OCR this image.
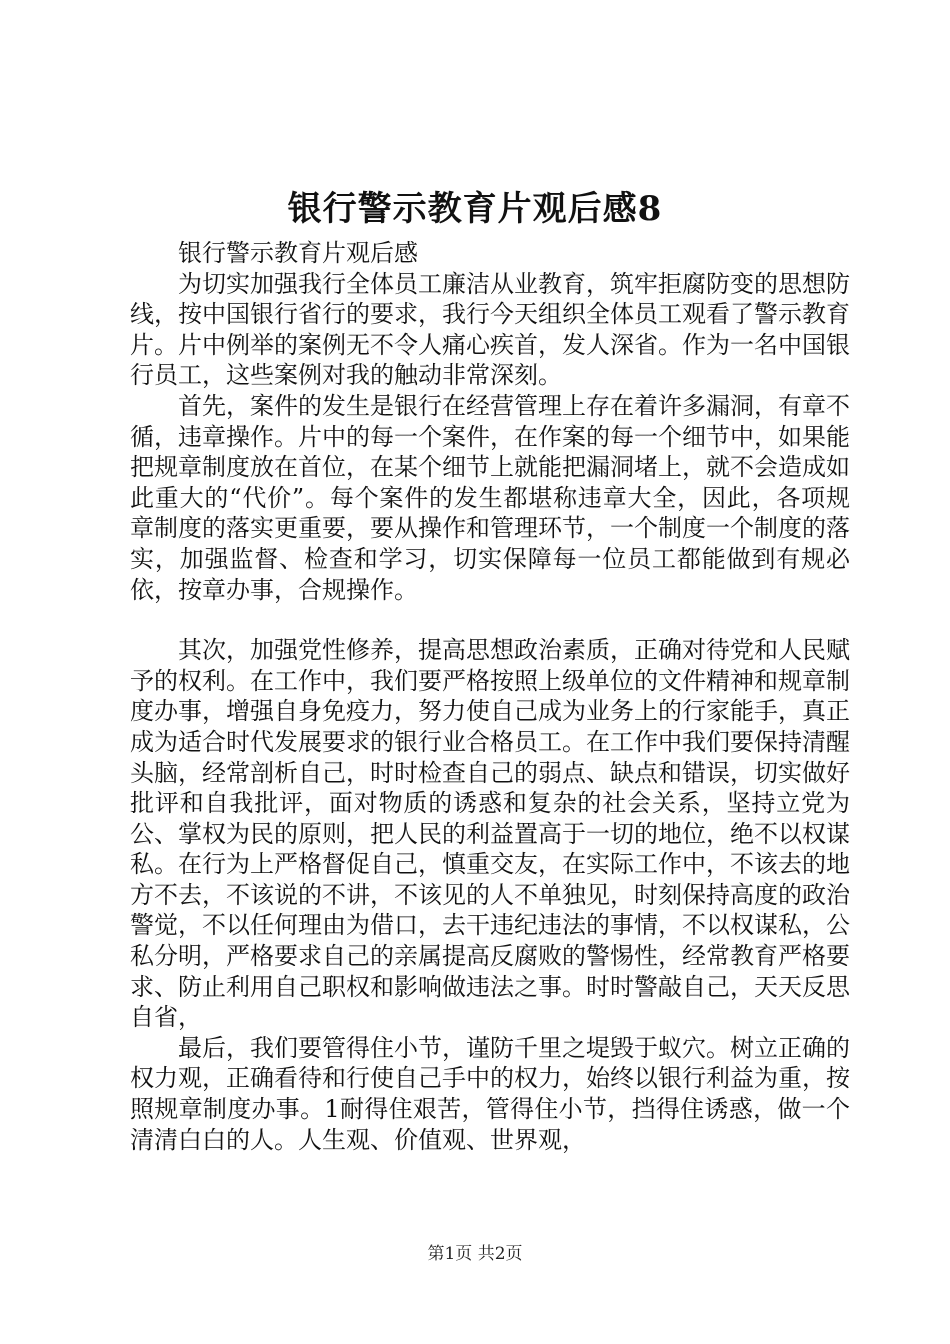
银行警示教育片观后感8

银行警示教育片观后感

为切实加强我行全体员工廉洁从业教育，筑牢拒腐防变的思想防线，按中国银行省行的要求，我行今天组织全体员工观看了警示教育片。片中例举的案例无不令人痛心疾首，发人深省。作为一名中国银行员工，这些案例对我的触动非常深刻。

首先，案件的发生是银行在经营管理上存在着许多漏洞，有章不循，违章操作。片中的每一个案件，在作案的每一个细节中，如果能把规章制度放在首位，在某个细节上就能把漏洞堵上，就不会造成如此重大的“代价”。每个案件的发生都堪称违章大全，因此，各项规章制度的落实更重要，要从操作和管理环节，一个制度一个制度的落实，加强监督、检查和学习，切实保障每一位员工都能做到有规必依，按章办事，合规操作。

其次，加强党性修养，提高思想政治素质，正确对待党和人民赋予的权利。在工作中，我们要严格按照上级单位的文件精神和规章制度办事，增强自身免疫力，努力使自己成为业务上的行家能手，真正成为适合时代发展要求的银行业合格员工。在工作中我们要保持清醒头脑，经常剖析自己，时时检查自己的弱点、缺点和错误，切实做好批评和自我批评，面对物质的诱惑和复杂的社会关系，坚持立党为公、掌权为民的原则，把人民的利益置高于一切的地位，绝不以权谋私。在行为上严格督促自己，慎重交友，在实际工作中，不该去的地方不去，不该说的不讲，不该见的人不单独见，时刻保持高度的政治警觉，不以任何理由为借口，去干违纪违法的事情，不以权谋私，公私分明，严格要求自己的亲属提高反腐败的警惕性，经常教育严格要求、防止利用自己职权和影响做违法之事。时时警敲自己，天天反思自省，

最后，我们要管得住小节，谨防千里之堤毁于蚁穴。树立正确的权力观，正确看待和行使自己手中的权力，始终以银行利益为重，按照规章制度办事。1耐得住艰苦，管得住小节，挡得住诱惑，做一个清清白白的人。人生观、价值观、世界观，

第1页 共2页
